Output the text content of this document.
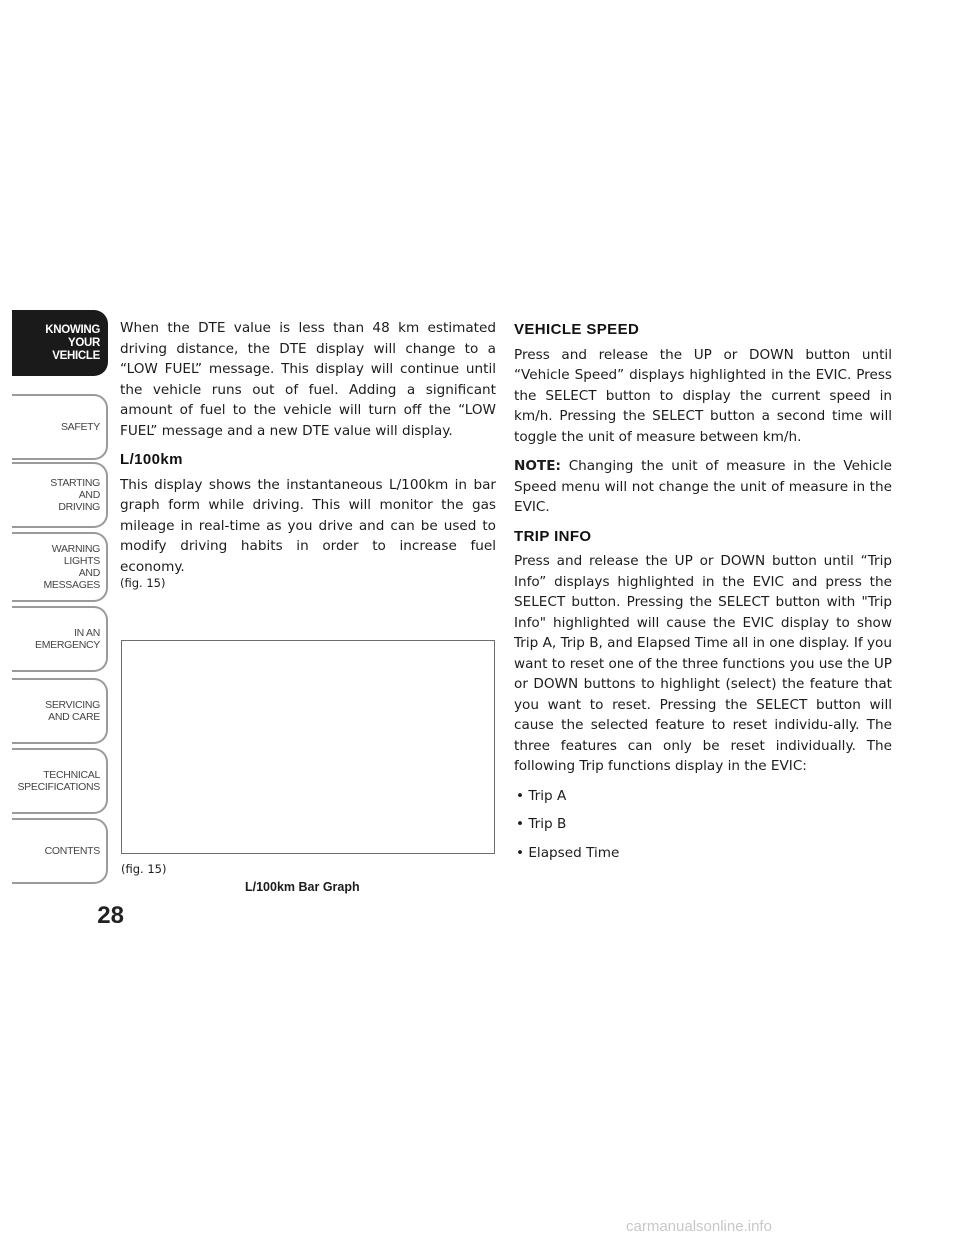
KNOWING
YOUR
VEHICLE
SAFETY
STARTING
AND
DRIVING
WARNING
LIGHTS
AND
MESSAGES
IN AN
EMERGENCY
SERVICING
AND CARE
TECHNICAL
SPECIFICATIONS
CONTENTS
28

When the DTE value is less than 48 km estimated driving distance, the DTE display will change to a “LOW FUEL” message. This display will continue until the vehicle runs out of fuel. Adding a significant amount of fuel to the vehicle will turn off the “LOW FUEL” message and a new DTE value will display.

L/100km

This display shows the instantaneous L/100km in bar graph form while driving. This will monitor the gas mileage in real-time as you drive and can be used to modify driving habits in order to increase fuel economy.
(fig. 15)

(fig. 15)
L/100km Bar Graph
VEHICLE SPEED

Press and release the UP or DOWN button until “Vehicle Speed” displays highlighted in the EVIC. Press the SELECT button to display the current speed in km/h. Pressing the SELECT button a second time will toggle the unit of measure between km/h.

NOTE: Changing the unit of measure in the Vehicle Speed menu will not change the unit of measure in the EVIC.

TRIP INFO

Press and release the UP or DOWN button until “Trip Info” displays highlighted in the EVIC and press the SELECT button. Pressing the SELECT button with "Trip Info" highlighted will cause the EVIC display to show Trip A, Trip B, and Elapsed Time all in one display. If you want to reset one of the three functions you use the UP or DOWN buttons to highlight (select) the feature that you want to reset. Pressing the SELECT button will cause the selected feature to reset individu-ally. The three features can only be reset individually. The following Trip functions display in the EVIC:

• Trip A
• Trip B
• Elapsed Time
carmanualsonline.info
